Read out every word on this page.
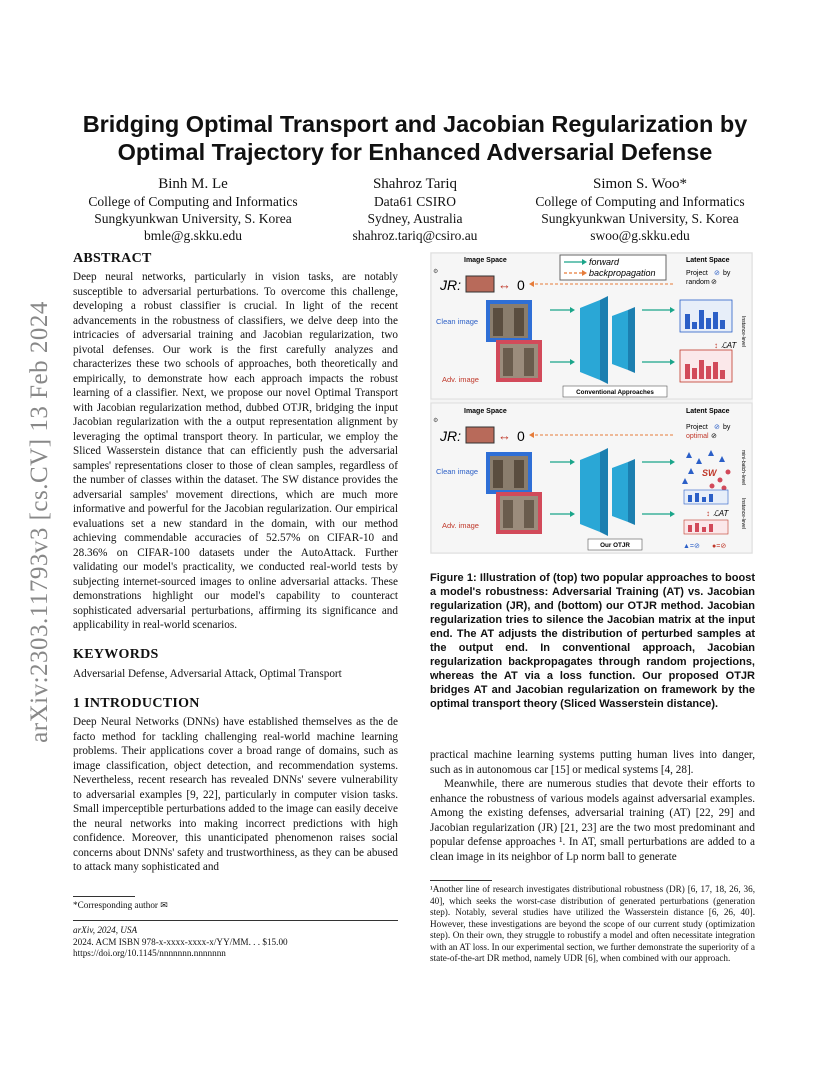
arXiv:2303.11793v3 [cs.CV] 13 Feb 2024
Bridging Optimal Transport and Jacobian Regularization by
Optimal Trajectory for Enhanced Adversarial Defense
Binh M. Le
College of Computing and Informatics
Sungkyunkwan University, S. Korea
bmle@g.skku.edu
Shahroz Tariq
Data61 CSIRO
Sydney, Australia
shahroz.tariq@csiro.au
Simon S. Woo*
College of Computing and Informatics
Sungkyunkwan University, S. Korea
swoo@g.skku.edu
ABSTRACT
Deep neural networks, particularly in vision tasks, are notably susceptible to adversarial perturbations. To overcome this challenge, developing a robust classifier is crucial. In light of the recent advancements in the robustness of classifiers, we delve deep into the intricacies of adversarial training and Jacobian regularization, two pivotal defenses. Our work is the first carefully analyzes and characterizes these two schools of approaches, both theoretically and empirically, to demonstrate how each approach impacts the robust learning of a classifier. Next, we propose our novel Optimal Transport with Jacobian regularization method, dubbed OTJR, bridging the input Jacobian regularization with the a output representation alignment by leveraging the optimal transport theory. In particular, we employ the Sliced Wasserstein distance that can efficiently push the adversarial samples' representations closer to those of clean samples, regardless of the number of classes within the dataset. The SW distance provides the adversarial samples' movement directions, which are much more informative and powerful for the Jacobian regularization. Our empirical evaluations set a new standard in the domain, with our method achieving commendable accuracies of 52.57% on CIFAR-10 and 28.36% on CIFAR-100 datasets under the AutoAttack. Further validating our model's practicality, we conducted real-world tests by subjecting internet-sourced images to online adversarial attacks. These demonstrations highlight our model's capability to counteract sophisticated adversarial perturbations, affirming its significance and applicability in real-world scenarios.
KEYWORDS
Adversarial Defense, Adversarial Attack, Optimal Transport
1 INTRODUCTION
Deep Neural Networks (DNNs) have established themselves as the de facto method for tackling challenging real-world machine learning problems. Their applications cover a broad range of domains, such as image classification, object detection, and recommendation systems. Nevertheless, recent research has revealed DNNs' severe vulnerability to adversarial examples [9, 22], particularly in computer vision tasks. Small imperceptible perturbations added to the image can easily deceive the neural networks into making incorrect predictions with high confidence. Moreover, this unanticipated phenomenon raises social concerns about DNNs' safety and trustworthiness, as they can be abused to attack many sophisticated and
*Corresponding author ✉
arXiv, 2024, USA
2024. ACM ISBN 978-x-xxxx-xxxx-x/YY/MM. . . $15.00
https://doi.org/10.1145/nnnnnnn.nnnnnnn
Image Space	Latent Space
forward
backpropagation
⚙
JR:	↔ 0
Clean image
Adv. image
Project ⊘ by
random ⊘
↕ ℒAT Instance-level
Conventional Approaches
Image Space	Latent Space
⚙
JR:	↔ 0
Clean image
Adv. image
Project ⊘ by
optimal ⊘
SW
↕ ℒAT
mini-batch-level
Instance-level
▲=⊘ ●=⊘
Our OTJR
Figure 1: Illustration of (top) two popular approaches to boost a model's robustness: Adversarial Training (AT) vs. Jacobian regularization (JR), and (bottom) our OTJR method. Jacobian regularization tries to silence the Jacobian matrix at the input end. The AT adjusts the distribution of perturbed samples at the output end. In conventional approach, Jacobian regularization backpropagates through random projections, whereas the AT via a loss function. Our proposed OTJR bridges AT and Jacobian regularization on framework by the optimal transport theory (Sliced Wasserstein distance).

practical machine learning systems putting human lives into danger, such as in autonomous car [15] or medical systems [4, 28].

Meanwhile, there are numerous studies that devote their efforts to enhance the robustness of various models against adversarial examples. Among the existing defenses, adversarial training (AT) [22, 29] and Jacobian regularization (JR) [21, 23] are the two most predominant and popular defense approaches ¹. In AT, small perturbations are added to a clean image in its neighbor of Lp norm ball to generate

¹Another line of research investigates distributional robustness (DR) [6, 17, 18, 26, 36, 40], which seeks the worst-case distribution of generated perturbations (generation step). Notably, several studies have utilized the Wasserstein distance [6, 26, 40]. However, these investigations are beyond the scope of our current study (optimization step). On their own, they struggle to robustify a model and often necessitate integration with an AT loss. In our experimental section, we further demonstrate the superiority of a state-of-the-art DR method, namely UDR [6], when combined with our approach.
